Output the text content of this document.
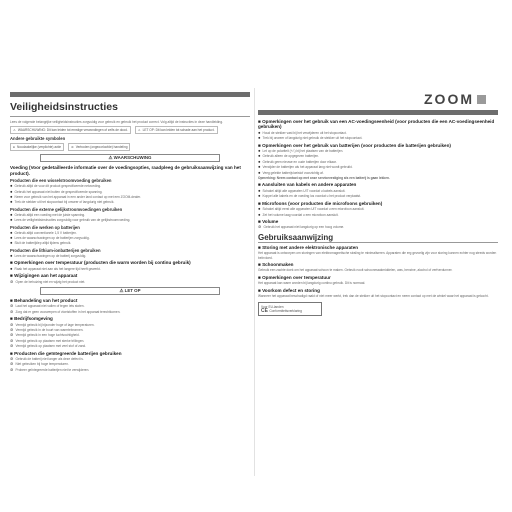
Veiligheidsinstructies

Lees de volgende belangrijke veiligheidsinstructies zorgvuldig voor gebruik en gebruik het product correct. Volg altijd de instructies in deze handleiding.

⚠ WAARSCHUWING: Dit kan leiden tot ernstige verwondingen of zelfs de dood.	⚠ LET OP: Dit kan leiden tot schade aan het product.
Andere gebruikte symbolen
● Noodzakelijke (verplichte) actie	⊘ Verboden (ongeoorloofde) handeling
⚠ WAARSCHUWING
Voeding (Voor gedetailleerde informatie over de voedingsopties, raadpleeg de gebruiksaanwijzing van het product).
Producten die een wisselstroomvoeding gebruiken
● Gebruik altijd de voor dit product gespecificeerde netvoeding.
● Gebruik het apparaat niet buiten de gespecificeerde spanning.
● Neem voor gebruik van het apparaat in een ander land contact op met een ZOOM-dealer.
● Trek de stekker uit het stopcontact bij onweer of langdurig niet gebruik.
Producten die externe gelijkstroomvoedingen gebruiken
● Gebruik altijd een voeding met de juiste spanning.
● Lees de veiligheidsinstructies zorgvuldig voor gebruik van de gelijkstroomvoeding.
Producten die werken op batterijen
● Gebruik altijd conventionele 1,5 V batterijen.
● Lees de waarschuwingen op de batterijen zorgvuldig.
● Sluit de batterijklep altijd tijdens gebruik.
Producten die lithium-ionbatterijen gebruiken
● Lees de waarschuwingen op de batterij zorgvuldig.
■ Opmerkingen over temperatuur (producten die warm worden bij continu gebruik)
● Raak het apparaat niet aan als het langere tijd heeft gewerkt.
■ Wijzigingen aan het apparaat
⊘ Open de behuizing niet en wijzig het product niet.
⚠ LET OP
■ Behandeling van het product
⊘ Laat het apparaat niet vallen of tegen iets stoten.
⊘ Zorg dat er geen voorwerpen of vloeistoffen in het apparaat terechtkomen.
■ Bedrijfsomgeving
⊘ Vermijd gebruik bij bijzonder hoge of lage temperaturen.
⊘ Vermijd gebruik in de buurt van warmtebronnen.
⊘ Vermijd gebruik in een hoge luchtvochtigheid.
⊘ Vermijd gebruik op plaatsen met sterke trillingen.
⊘ Vermijd gebruik op plaatsen met veel stof of zand.
■ Producten die geïntegreerde batterijen gebruiken
⊘ Gebruik de batterij niet langer als deze defect is.
⊘ Niet gebruiken bij hoge temperaturen.
⊘ Probeer geïntegreerde batterijen niet te verwijderen.
ZOOM
■ Opmerkingen over het gebruik van een AC-voedingseenheid (voor producten die een AC-voedingseenheid gebruiken)
● Houd de stekker vast bij het verwijderen uit het stopcontact.
● Trek bij onweer of langdurig niet gebruik de stekker uit het stopcontact.
■ Opmerkingen over het gebruik van batterijen (voor producten die batterijen gebruiken)
● Let op de polariteit (+/-) bij het plaatsen van de batterijen.
● Gebruik alleen de opgegeven batterijen.
● Gebruik geen nieuwe en oude batterijen door elkaar.
● Verwijder de batterijen als het apparaat lang niet wordt gebruikt.
● Veeg gelekte batterijvloeistof voorzichtig af.

Opmerking: Neem contact op met onze servicevestiging als een batterij is gaan lekken.

■ Aansluiten van kabels en andere apparaten
● Schakel altijd alle apparaten UIT voordat u kabels aansluit.
● Koppel alle kabels en de voeding los voordat u het product verplaatst.
■ Microfoons (voor producten die microfoons gebruiken)
● Schakel altijd eerst alle apparaten UIT voordat u een microfoon aansluit.
● Zet het volume laag voordat u een microfoon aansluit.
■ Volume
⊘ Gebruik het apparaat niet langdurig op een hoog volume.
Gebruiksaanwijzing
■ Storing met andere elektronische apparaten

Het apparaat is ontworpen om storingen van elektromagnetische straling te minimaliseren. Apparaten die erg gevoelig zijn voor storing kunnen echter nog steeds worden beïnvloed.

■ Schoonmaken

Gebruik een zachte doek om het apparaat schoon te maken. Gebruik nooit schoonmaakmiddelen, was, benzine, alcohol of verfverdunner.

■ Opmerkingen over temperatuur

Het apparaat kan warm worden bij langdurig continu gebruik. Dit is normaal.

■ Voorkom defect en storing

Wanneer het apparaat beschadigd raakt of niet meer werkt, trek dan de stekker uit het stopcontact en neem contact op met de winkel waar het apparaat is gekocht.

Voor EU-landen
CE Conformiteitsverklaring
